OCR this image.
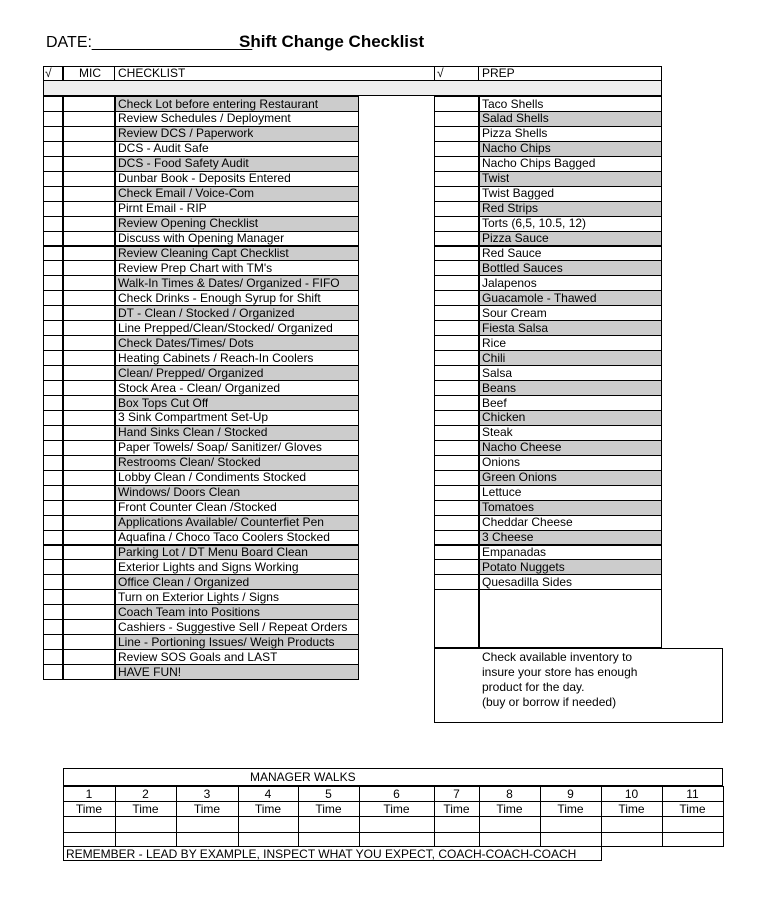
DATE:__________________
Shift Change Checklist
√ MIC CHECKLIST	√	PREP
Check Lot before entering Restaurant
Review Schedules / Deployment
Review DCS / Paperwork
DCS - Audit Safe
DCS - Food Safety Audit
Dunbar Book - Deposits Entered
Check Email / Voice-Com
Pirnt Email - RIP
Review Opening Checklist
Discuss with Opening Manager
Review Cleaning Capt Checklist
Review Prep Chart with TM's
Walk-In Times & Dates/ Organized - FIFO
Check Drinks - Enough Syrup for Shift
DT - Clean / Stocked / Organized
Line Prepped/Clean/Stocked/ Organized
Check Dates/Times/ Dots
Heating Cabinets / Reach-In Coolers
Clean/ Prepped/ Organized
Stock Area - Clean/ Organized
Box Tops Cut Off
3 Sink Compartment Set-Up
Hand Sinks Clean / Stocked
Paper Towels/ Soap/ Sanitizer/ Gloves
Restrooms Clean/ Stocked
Lobby Clean / Condiments Stocked
Windows/ Doors Clean
Front Counter Clean /Stocked
Applications Available/ Counterfiet Pen
Aquafina / Choco Taco Coolers Stocked
Parking Lot / DT Menu Board Clean
Exterior Lights and Signs Working
Office Clean / Organized
Turn on Exterior Lights / Signs
Coach Team into Positions
Cashiers - Suggestive Sell / Repeat Orders
Line - Portioning Issues/ Weigh Products
Review SOS Goals and LAST
HAVE FUN!
Taco Shells
Salad Shells
Pizza Shells
Nacho Chips
Nacho Chips Bagged
Twist
Twist Bagged
Red Strips
Torts (6,5, 10.5, 12)
Pizza Sauce
Red Sauce
Bottled Sauces
Jalapenos
Guacamole - Thawed
Sour Cream
Fiesta Salsa
Rice
Chili
Salsa
Beans
Beef
Chicken
Steak
Nacho Cheese
Onions
Green Onions
Lettuce
Tomatoes
Cheddar Cheese
3 Cheese
Empanadas
Potato Nuggets
Quesadilla Sides
Check available inventory to
insure your store has enough
product for the day.
(buy or borrow if needed)
MANAGER WALKS
1
Time
2
Time
3
Time
4
Time
5
Time
6
Time
7
Time
8
Time
9
Time
10
Time
11
Time
REMEMBER - LEAD BY EXAMPLE, INSPECT WHAT YOU EXPECT, COACH-COACH-COACH
